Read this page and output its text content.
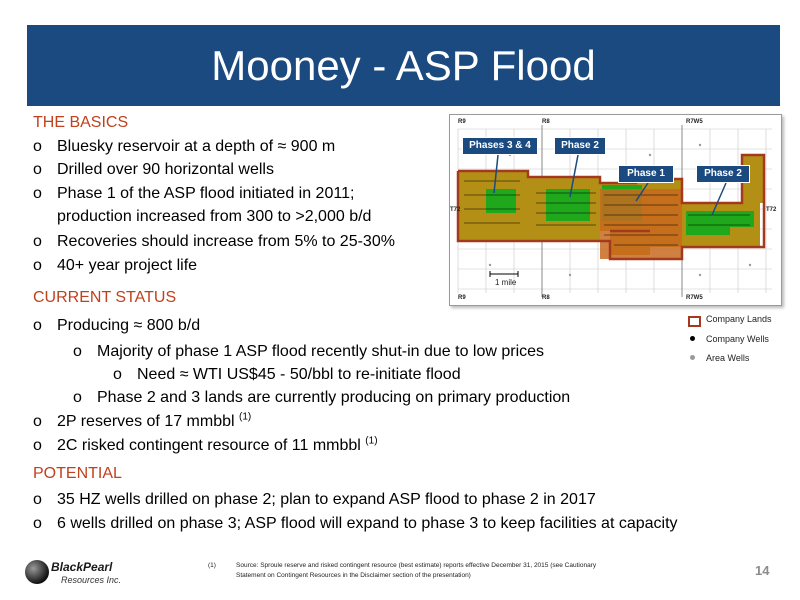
Mooney - ASP Flood
THE BASICS
o Bluesky reservoir at a depth of ≈ 900 m
o Drilled over 90 horizontal wells
o Phase 1 of the ASP flood initiated in 2011;
production increased from 300 to >2,000 b/d
o Recoveries should increase from 5% to 25-30%
o 40+ year project life
CURRENT STATUS
o Producing ≈ 800 b/d
o Majority of phase 1 ASP flood recently shut-in due to low prices
o Need ≈ WTI US$45 - 50/bbl to re-initiate flood
o Phase 2 and 3 lands are currently producing on primary production
o 2P reserves of 17 mmbbl $^{(1)}$
o 2C risked contingent resource of 11 mmbbl $^{(1)}$
POTENTIAL
o 35 HZ wells drilled on phase 2; plan to expand ASP flood to phase 2 in 2017
o 6 wells drilled on phase 3; ASP flood will expand to phase 3 to keep facilities at capacity
Phases 3 & 4	Phase 2
Phase 1	Phase 2
R9	R8	R7W5
R9	R8	R7W5
T72	T72
1 mile
Company Lands
Company Wells
Area Wells
BlackPearl
Resources Inc.
(1)	Source: Sproule reserve and risked contingent resource (best estimate) reports effective December 31, 2015 (see Cautionary Statement on Contingent Resources in the Disclaimer section of the presentation)	14
